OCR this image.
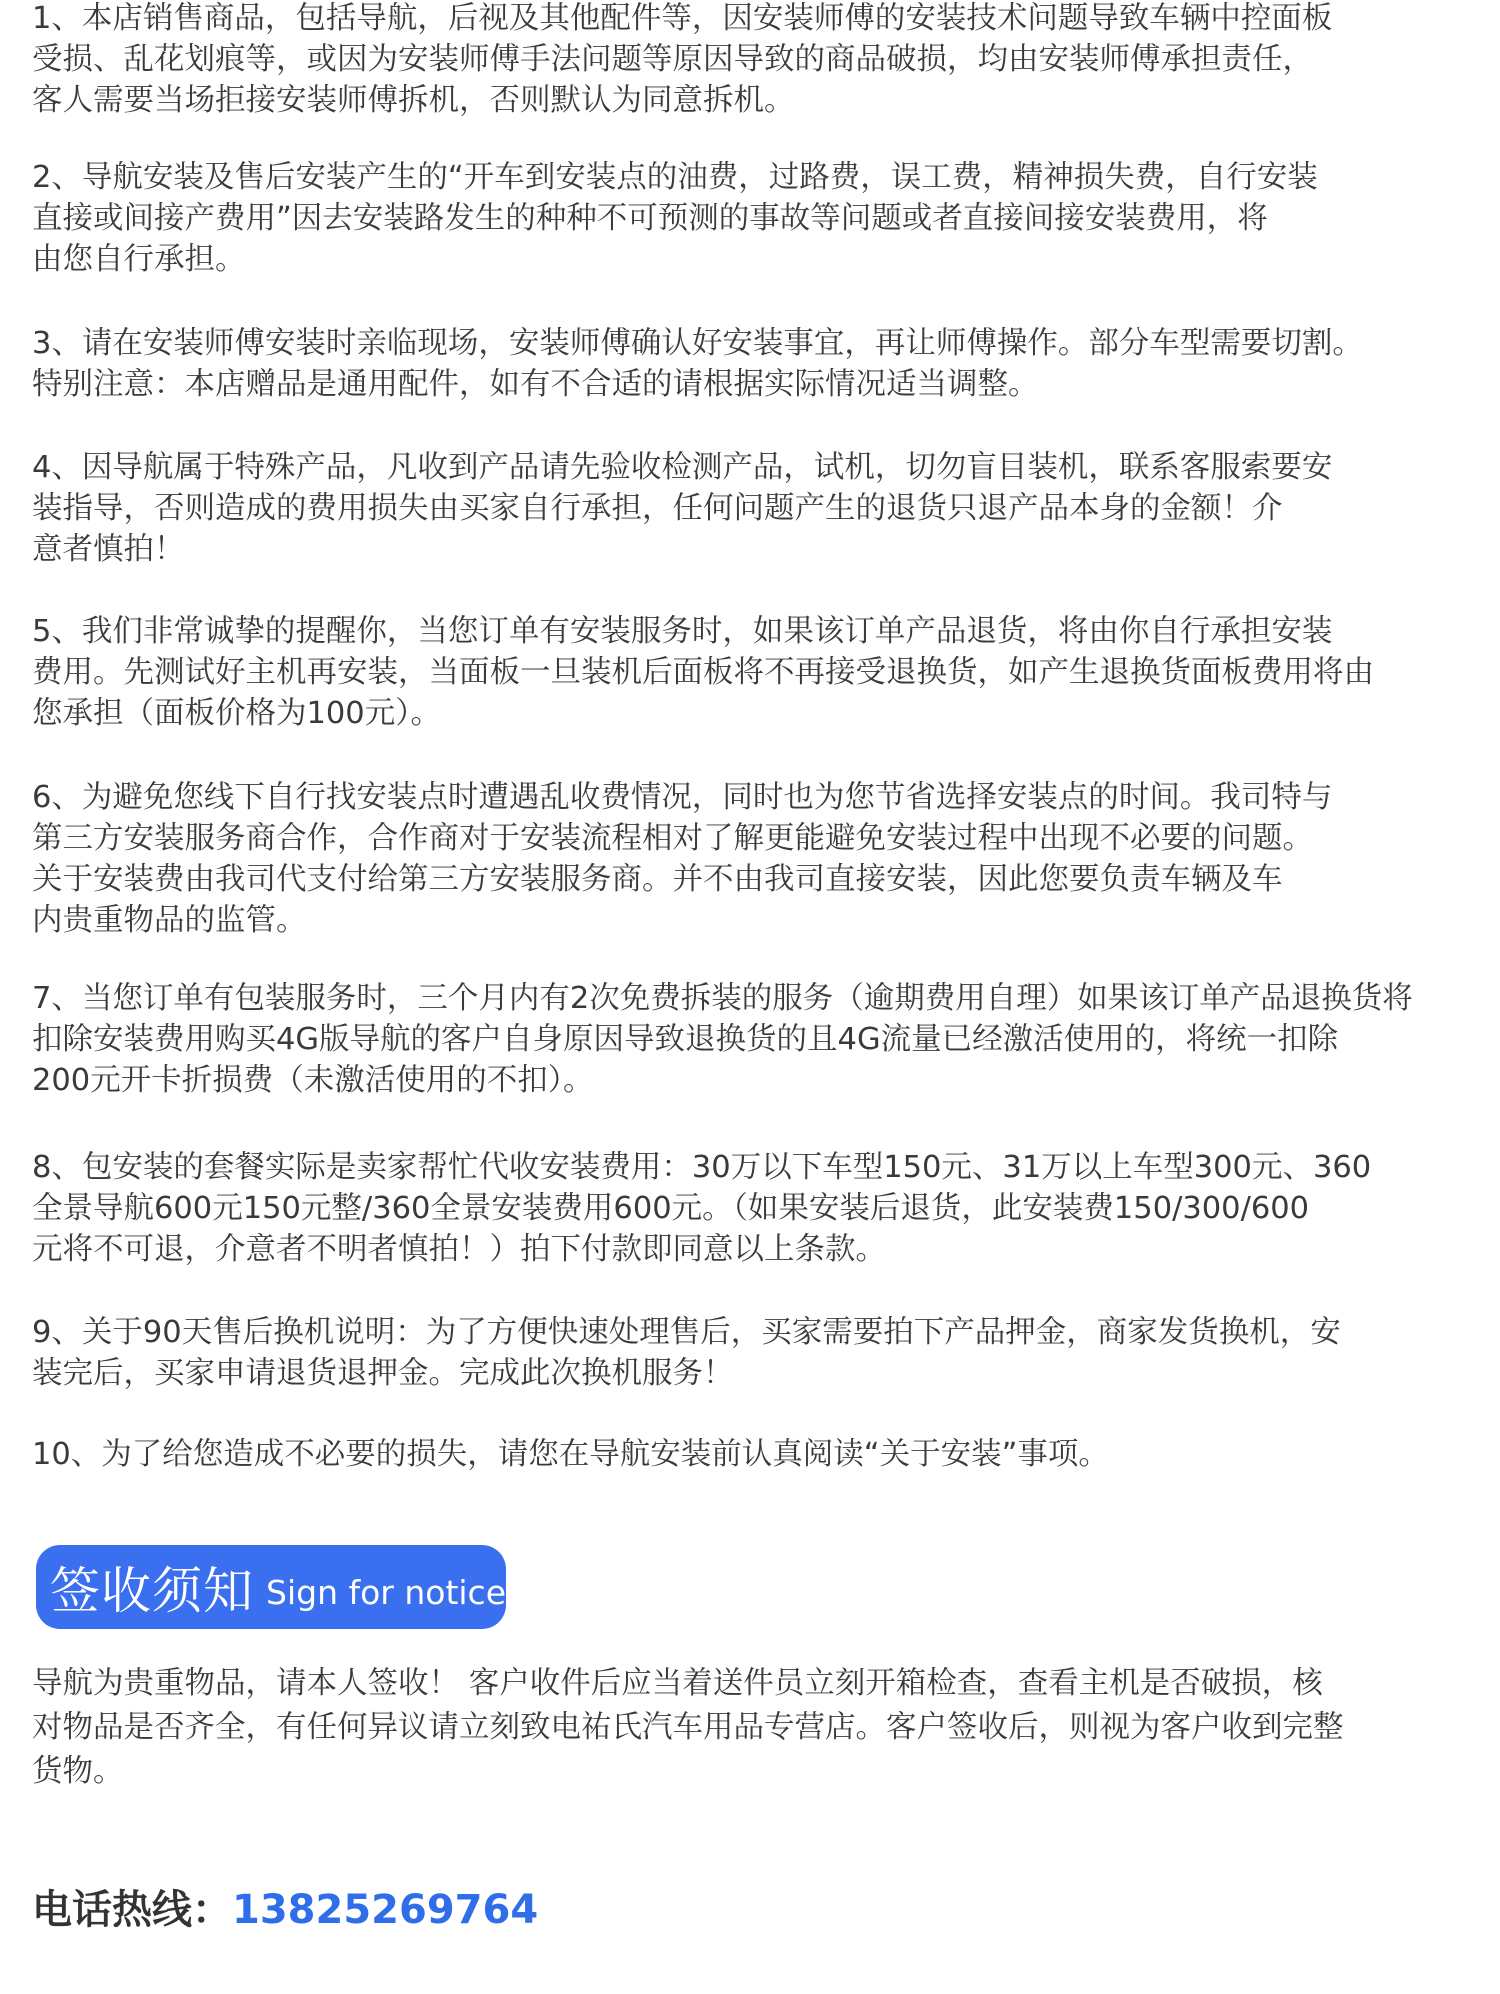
1、本店销售商品，包括导航，后视及其他配件等，因安装师傅的安装技术问题导致车辆中控面板
受损、乱花划痕等，或因为安装师傅手法问题等原因导致的商品破损，均由安装师傅承担责任，
客人需要当场拒接安装师傅拆机，否则默认为同意拆机。
2、导航安装及售后安装产生的“开车到安装点的油费，过路费，误工费，精神损失费，自行安装
直接或间接产费用”因去安装路发生的种种不可预测的事故等问题或者直接间接安装费用，将
由您自行承担。
3、请在安装师傅安装时亲临现场，安装师傅确认好安装事宜，再让师傅操作。部分车型需要切割。
特别注意：本店赠品是通用配件，如有不合适的请根据实际情况适当调整。
4、因导航属于特殊产品，凡收到产品请先验收检测产品，试机，切勿盲目装机，联系客服索要安
装指导，否则造成的费用损失由买家自行承担，任何问题产生的退货只退产品本身的金额！介
意者慎拍！
5、我们非常诚挚的提醒你，当您订单有安装服务时，如果该订单产品退货，将由你自行承担安装
费用。先测试好主机再安装，当面板一旦装机后面板将不再接受退换货，如产生退换货面板费用将由
您承担（面板价格为100元）。
6、为避免您线下自行找安装点时遭遇乱收费情况，同时也为您节省选择安装点的时间。我司特与
第三方安装服务商合作，合作商对于安装流程相对了解更能避免安装过程中出现不必要的问题。
关于安装费由我司代支付给第三方安装服务商。并不由我司直接安装，因此您要负责车辆及车
内贵重物品的监管。
7、当您订单有包装服务时，三个月内有2次免费拆装的服务（逾期费用自理）如果该订单产品退换货将
扣除安装费用购买4G版导航的客户自身原因导致退换货的且4G流量已经激活使用的，将统一扣除
200元开卡折损费（未激活使用的不扣）。
8、包安装的套餐实际是卖家帮忙代收安装费用：30万以下车型150元、31万以上车型300元、360
全景导航600元150元整/360全景安装费用600元。（如果安装后退货，此安装费150/300/600
元将不可退，介意者不明者慎拍！）拍下付款即同意以上条款。
9、关于90天售后换机说明：为了方便快速处理售后，买家需要拍下产品押金，商家发货换机，安
装完后，买家申请退货退押金。完成此次换机服务！
10、为了给您造成不必要的损失，请您在导航安装前认真阅读“关于安装”事项。
签收须知 Sign for notice
导航为贵重物品，请本人签收！ 客户收件后应当着送件员立刻开箱检查，查看主机是否破损，核
对物品是否齐全，有任何异议请立刻致电祐氏汽车用品专营店。客户签收后，则视为客户收到完整
货物。
电话热线：13825269764
